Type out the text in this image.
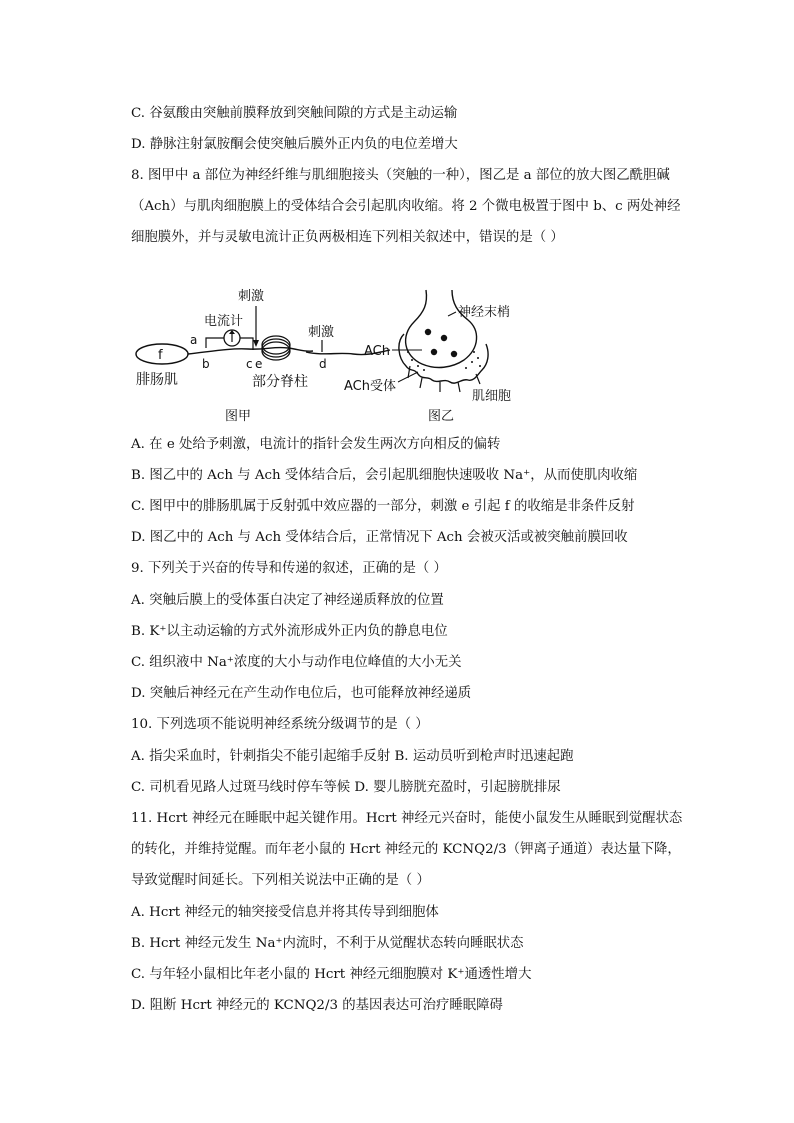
C. 谷氨酸由突触前膜释放到突触间隙的方式是主动运输
D. 静脉注射氯胺酮会使突触后膜外正内负的电位差增大
8. 图甲中 a 部位为神经纤维与肌细胞接头（突触的一种），图乙是 a 部位的放大图乙酰胆碱
（Ach）与肌肉细胞膜上的受体结合会引起肌肉收缩。将 2 个微电极置于图中 b、c 两处神经
细胞膜外，并与灵敏电流计正负两极相连下列相关叙述中，错误的是（ ）
f
电流计
刺激
刺激
a
b	c e	d
腓肠肌	部分脊柱
图甲
神经末梢
ACh
ACh受体
肌细胞
图乙
A. 在 e 处给予刺激，电流计的指针会发生两次方向相反的偏转
B. 图乙中的 Ach 与 Ach 受体结合后，会引起肌细胞快速吸收 Na⁺，从而使肌肉收缩
C. 图甲中的腓肠肌属于反射弧中效应器的一部分，刺激 e 引起 f 的收缩是非条件反射
D. 图乙中的 Ach 与 Ach 受体结合后，正常情况下 Ach 会被灭活或被突触前膜回收
9. 下列关于兴奋的传导和传递的叙述，正确的是（ ）
A. 突触后膜上的受体蛋白决定了神经递质释放的位置
B. K⁺以主动运输的方式外流形成外正内负的静息电位
C. 组织液中 Na⁺浓度的大小与动作电位峰值的大小无关
D. 突触后神经元在产生动作电位后，也可能释放神经递质
10. 下列选项不能说明神经系统分级调节的是（ ）
A. 指尖采血时，针刺指尖不能引起缩手反射 B. 运动员听到枪声时迅速起跑
C. 司机看见路人过斑马线时停车等候 D. 婴儿膀胱充盈时，引起膀胱排尿
11. Hcrt 神经元在睡眠中起关键作用。Hcrt 神经元兴奋时，能使小鼠发生从睡眠到觉醒状态
的转化，并维持觉醒。而年老小鼠的 Hcrt 神经元的 KCNQ2/3（钾离子通道）表达量下降，
导致觉醒时间延长。下列相关说法中正确的是（ ）
A. Hcrt 神经元的轴突接受信息并将其传导到细胞体
B. Hcrt 神经元发生 Na⁺内流时，不利于从觉醒状态转向睡眠状态
C. 与年轻小鼠相比年老小鼠的 Hcrt 神经元细胞膜对 K⁺通透性增大
D. 阻断 Hcrt 神经元的 KCNQ2/3 的基因表达可治疗睡眠障碍
